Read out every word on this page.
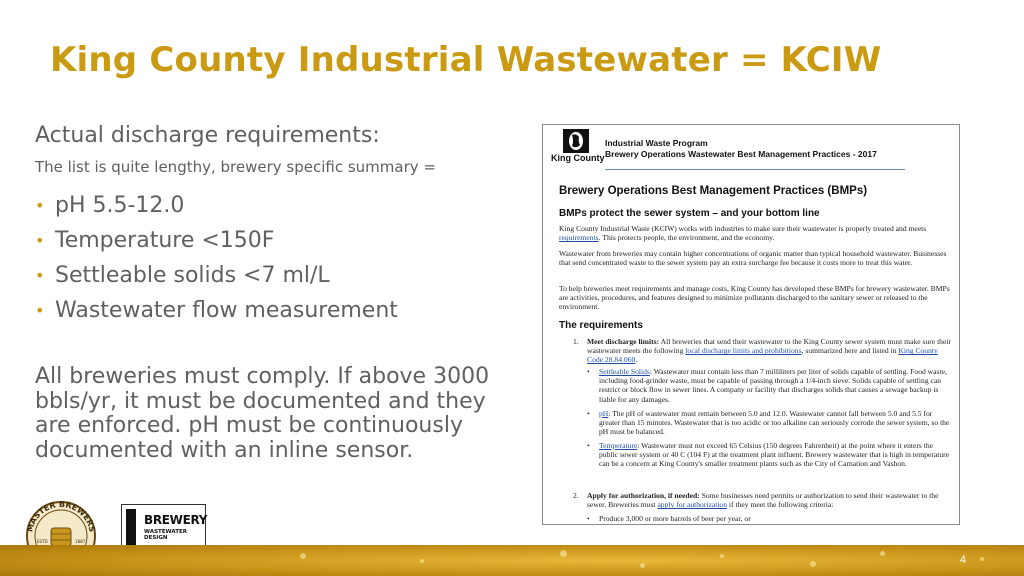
King County Industrial Wastewater = KCIW
Actual discharge requirements:
The list is quite lengthy, brewery specific summary =
• pH 5.5-12.0
• Temperature <150F
• Settleable solids <7 ml/L
• Wastewater flow measurement
All breweries must comply. If above 3000 bbls/yr, it must be documented and they are enforced. pH must be continuously documented with an inline sensor.
King County
Industrial Waste Program
Brewery Operations Wastewater Best Management Practices - 2017
Brewery Operations Best Management Practices (BMPs)
BMPs protect the sewer system – and your bottom line
King County Industrial Waste (KCIW) works with industries to make sure their wastewater is properly treated and meets requirements. This protects people, the environment, and the economy.
Wastewater from breweries may contain higher concentrations of organic matter than typical household wastewater. Businesses that send concentrated waste to the sewer system pay an extra surcharge fee because it costs more to treat this water.
To help breweries meet requirements and manage costs, King County has developed these BMPs for brewery wastewater. BMPs are activities, procedures, and features designed to minimize pollutants discharged to the sanitary sewer or released to the environment.
The requirements
1.	Meet discharge limits: All breweries that send their wastewater to the King County sewer system must make sure their wastewater meets the following local discharge limits and prohibitions, summarized here and listed in King County Code 28.84.060.
•	Settleable Solids: Wastewater must contain less than 7 milliliters per liter of solids capable of settling. Food waste, including food-grinder waste, must be capable of passing through a 1/4-inch sieve. Solids capable of settling can restrict or block flow in sewer lines. A company or facility that discharges solids that causes a sewage backup is liable for any damages.
•	pH: The pH of wastewater must remain between 5.0 and 12.0. Wastewater cannot fall between 5.0 and 5.5 for greater than 15 minutes. Wastewater that is too acidic or too alkaline can seriously corrode the sewer system, so the pH must be balanced.
•	Temperature: Wastewater must not exceed 65 Celsius (150 degrees Fahrenheit) at the point where it enters the public sewer system or 40 C (104 F) at the treatment plant influent. Brewery wastewater that is high in temperature can be a concern at King County's smaller treatment plants such as the City of Carnation and Vashon.
2.	Apply for authorization, if needed: Some businesses need permits or authorization to send their wastewater to the sewer. Breweries must apply for authorization if they meet the following criteria:
•	Produce 3,000 or more barrels of beer per year, or
MASTER BREWERS
ESTD	1887
BREWERY
WASTEWATER DESIGN
4
